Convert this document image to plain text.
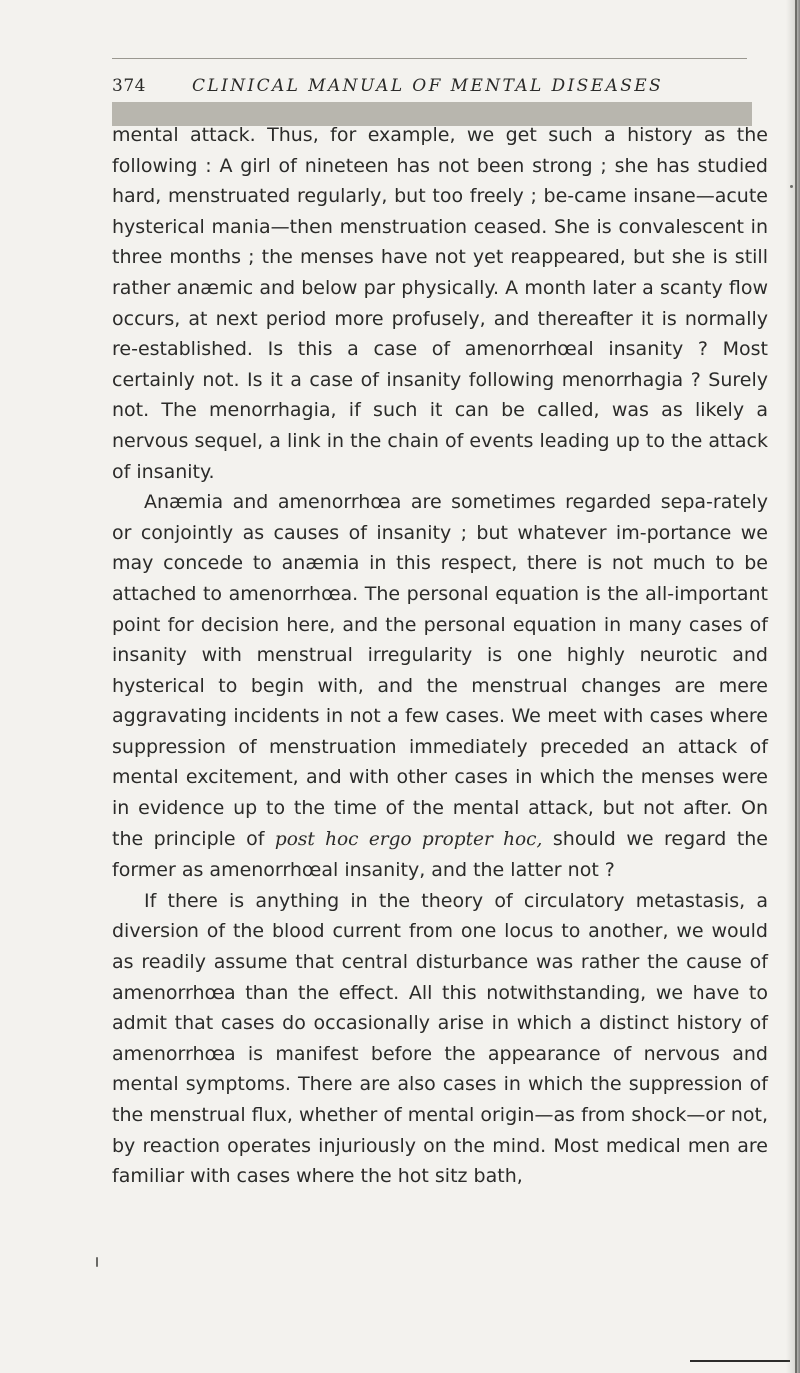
374	CLINICAL MANUAL OF MENTAL DISEASES

mental attack. Thus, for example, we get such a history as the following : A girl of nineteen has not been strong ; she has studied hard, menstruated regularly, but too freely ; be-came insane—acute hysterical mania—then menstruation ceased. She is convalescent in three months ; the menses have not yet reappeared, but she is still rather anæmic and below par physically. A month later a scanty flow occurs, at next period more profusely, and thereafter it is normally re-established. Is this a case of amenorrhœal insanity ? Most certainly not. Is it a case of insanity following menorrhagia ? Surely not. The menorrhagia, if such it can be called, was as likely a nervous sequel, a link in the chain of events leading up to the attack of insanity.

Anæmia and amenorrhœa are sometimes regarded sepa-rately or conjointly as causes of insanity ; but whatever im-portance we may concede to anæmia in this respect, there is not much to be attached to amenorrhœa. The personal equation is the all-important point for decision here, and the personal equation in many cases of insanity with menstrual irregularity is one highly neurotic and hysterical to begin with, and the menstrual changes are mere aggravating incidents in not a few cases. We meet with cases where suppression of menstruation immediately preceded an attack of mental excitement, and with other cases in which the menses were in evidence up to the time of the mental attack, but not after. On the principle of post hoc ergo propter hoc, should we regard the former as amenorrhœal insanity, and the latter not ?

If there is anything in the theory of circulatory metastasis, a diversion of the blood current from one locus to another, we would as readily assume that central disturbance was rather the cause of amenorrhœa than the effect. All this notwithstanding, we have to admit that cases do occasionally arise in which a distinct history of amenorrhœa is manifest before the appearance of nervous and mental symptoms. There are also cases in which the suppression of the menstrual flux, whether of mental origin—as from shock—or not, by reaction operates injuriously on the mind. Most medical men are familiar with cases where the hot sitz bath,
